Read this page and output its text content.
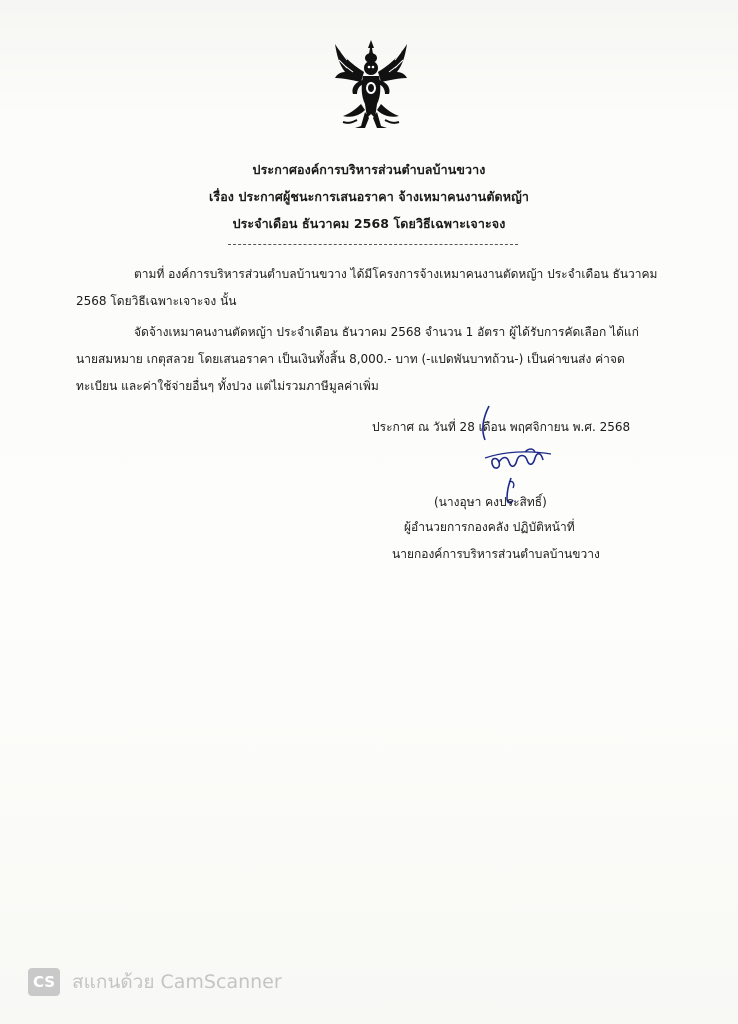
ประกาศองค์การบริหารส่วนตำบลบ้านขวาง
เรื่อง ประกาศผู้ชนะการเสนอราคา จ้างเหมาคนงานตัดหญ้า
ประจำเดือน ธันวาคม 2568 โดยวิธีเฉพาะเจาะจง
ตามที่ องค์การบริหารส่วนตำบลบ้านขวาง ได้มีโครงการจ้างเหมาคนงานตัดหญ้า ประจำเดือน ธันวาคม
2568 โดยวิธีเฉพาะเจาะจง นั้น
จัดจ้างเหมาคนงานตัดหญ้า ประจำเดือน ธันวาคม 2568 จำนวน 1 อัตรา ผู้ได้รับการคัดเลือก ได้แก่
นายสมหมาย เกตุสลวย โดยเสนอราคา เป็นเงินทั้งสิ้น 8,000.- บาท (-แปดพันบาทถ้วน-) เป็นค่าขนส่ง ค่าจด
ทะเบียน และค่าใช้จ่ายอื่นๆ ทั้งปวง แต่ไม่รวมภาษีมูลค่าเพิ่ม
ประกาศ ณ วันที่ 28 เดือน พฤศจิกายน พ.ศ. 2568
(นางอุษา คงประสิทธิ์)
ผู้อำนวยการกองคลัง ปฏิบัติหน้าที่
นายกองค์การบริหารส่วนตำบลบ้านขวาง
CS สแกนด้วย CamScanner
